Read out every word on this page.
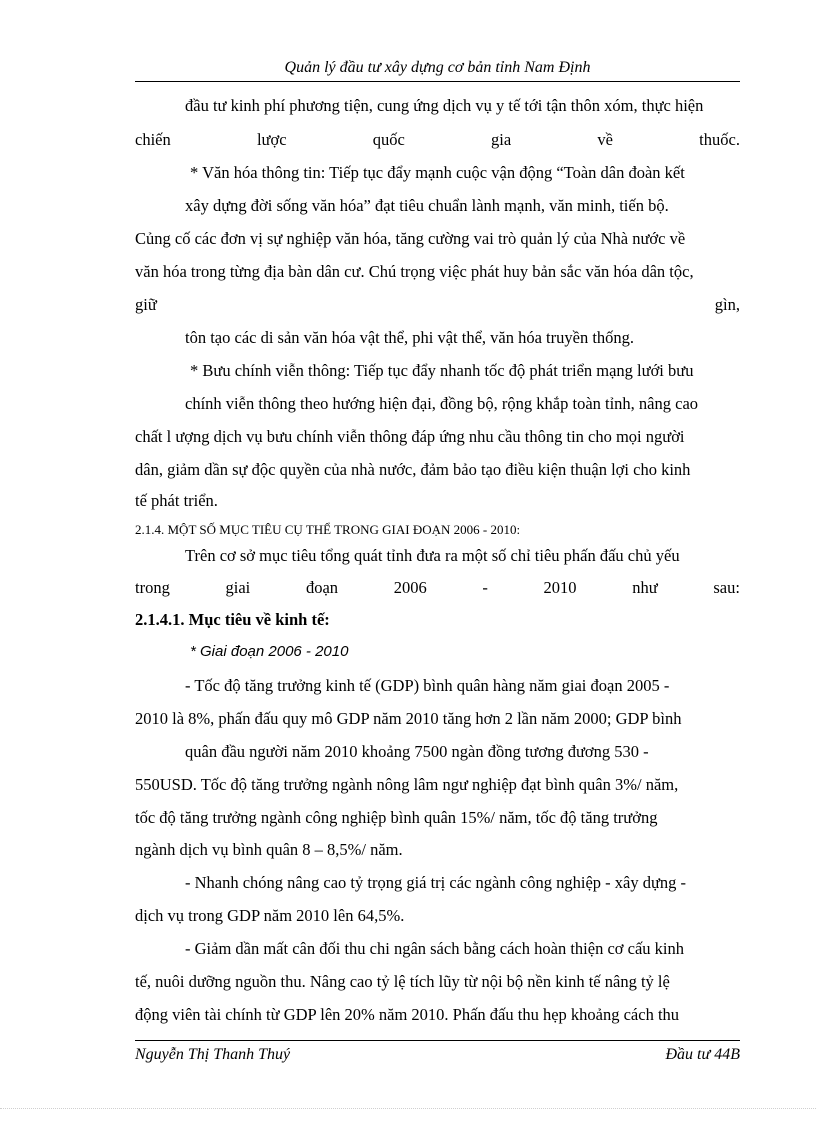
Quản lý đầu tư xây dựng cơ bản tỉnh Nam Định
đầu tư kinh phí phương tiện, cung ứng dịch vụ y tế tới tận thôn xóm, thực hiện
chiến	lược	quốc	gia	về	thuốc.
* Văn hóa thông tin: Tiếp tục đẩy mạnh cuộc vận động “Toàn dân đoàn kết
xây dựng đời sống văn hóa” đạt tiêu chuẩn lành mạnh, văn minh, tiến bộ.
Củng cố các đơn vị sự nghiệp văn hóa, tăng cường vai trò quản lý của Nhà nước về
văn hóa trong từng địa bàn dân cư. Chú trọng việc phát huy bản sắc văn hóa dân tộc,
giữ	gìn,
tôn tạo các di sản văn hóa vật thể, phi vật thể, văn hóa truyền thống.
* Bưu chính viễn thông: Tiếp tục đẩy nhanh tốc độ phát triển mạng lưới bưu
chính viễn thông theo hướng hiện đại, đồng bộ, rộng khắp toàn tỉnh, nâng cao
chất l ượng dịch vụ bưu chính viễn thông đáp ứng nhu cầu thông tin cho mọi người
dân, giảm dần sự độc quyền của nhà nước, đảm bảo tạo điều kiện thuận lợi cho kinh
tế phát triển.
2.1.4. MỘT SỐ MỤC TIÊU CỤ THỂ TRONG GIAI ĐOẠN 2006 - 2010:
Trên cơ sở mục tiêu tổng quát tỉnh đưa ra một số chỉ tiêu phấn đấu chủ yếu
trong	giai	đoạn	2006	-	2010	như	sau:
2.1.4.1. Mục tiêu về kinh tế:
* Giai đoạn 2006 - 2010
- Tốc độ tăng trưởng kinh tế (GDP) bình quân hàng năm giai đoạn 2005 -
2010 là 8%, phấn đấu quy mô GDP năm 2010 tăng hơn 2 lần năm 2000; GDP bình
quân đầu người năm 2010 khoảng 7500 ngàn đồng tương đương 530 -
550USD. Tốc độ tăng trưởng ngành nông lâm ngư nghiệp đạt bình quân 3%/ năm,
tốc độ tăng trưởng ngành công nghiệp bình quân 15%/ năm, tốc độ tăng trưởng
ngành dịch vụ bình quân 8 – 8,5%/ năm.
- Nhanh chóng nâng cao tỷ trọng giá trị các ngành công nghiệp - xây dựng -
dịch vụ trong GDP năm 2010 lên 64,5%.
- Giảm dần mất cân đối thu chi ngân sách bằng cách hoàn thiện cơ cấu kinh
tế, nuôi dưỡng nguồn thu. Nâng cao tỷ lệ tích lũy từ nội bộ nền kinh tế nâng tỷ lệ
động viên tài chính từ GDP lên 20% năm 2010. Phấn đấu thu hẹp khoảng cách thu
Nguyễn Thị Thanh Thuý	Đầu tư 44B
